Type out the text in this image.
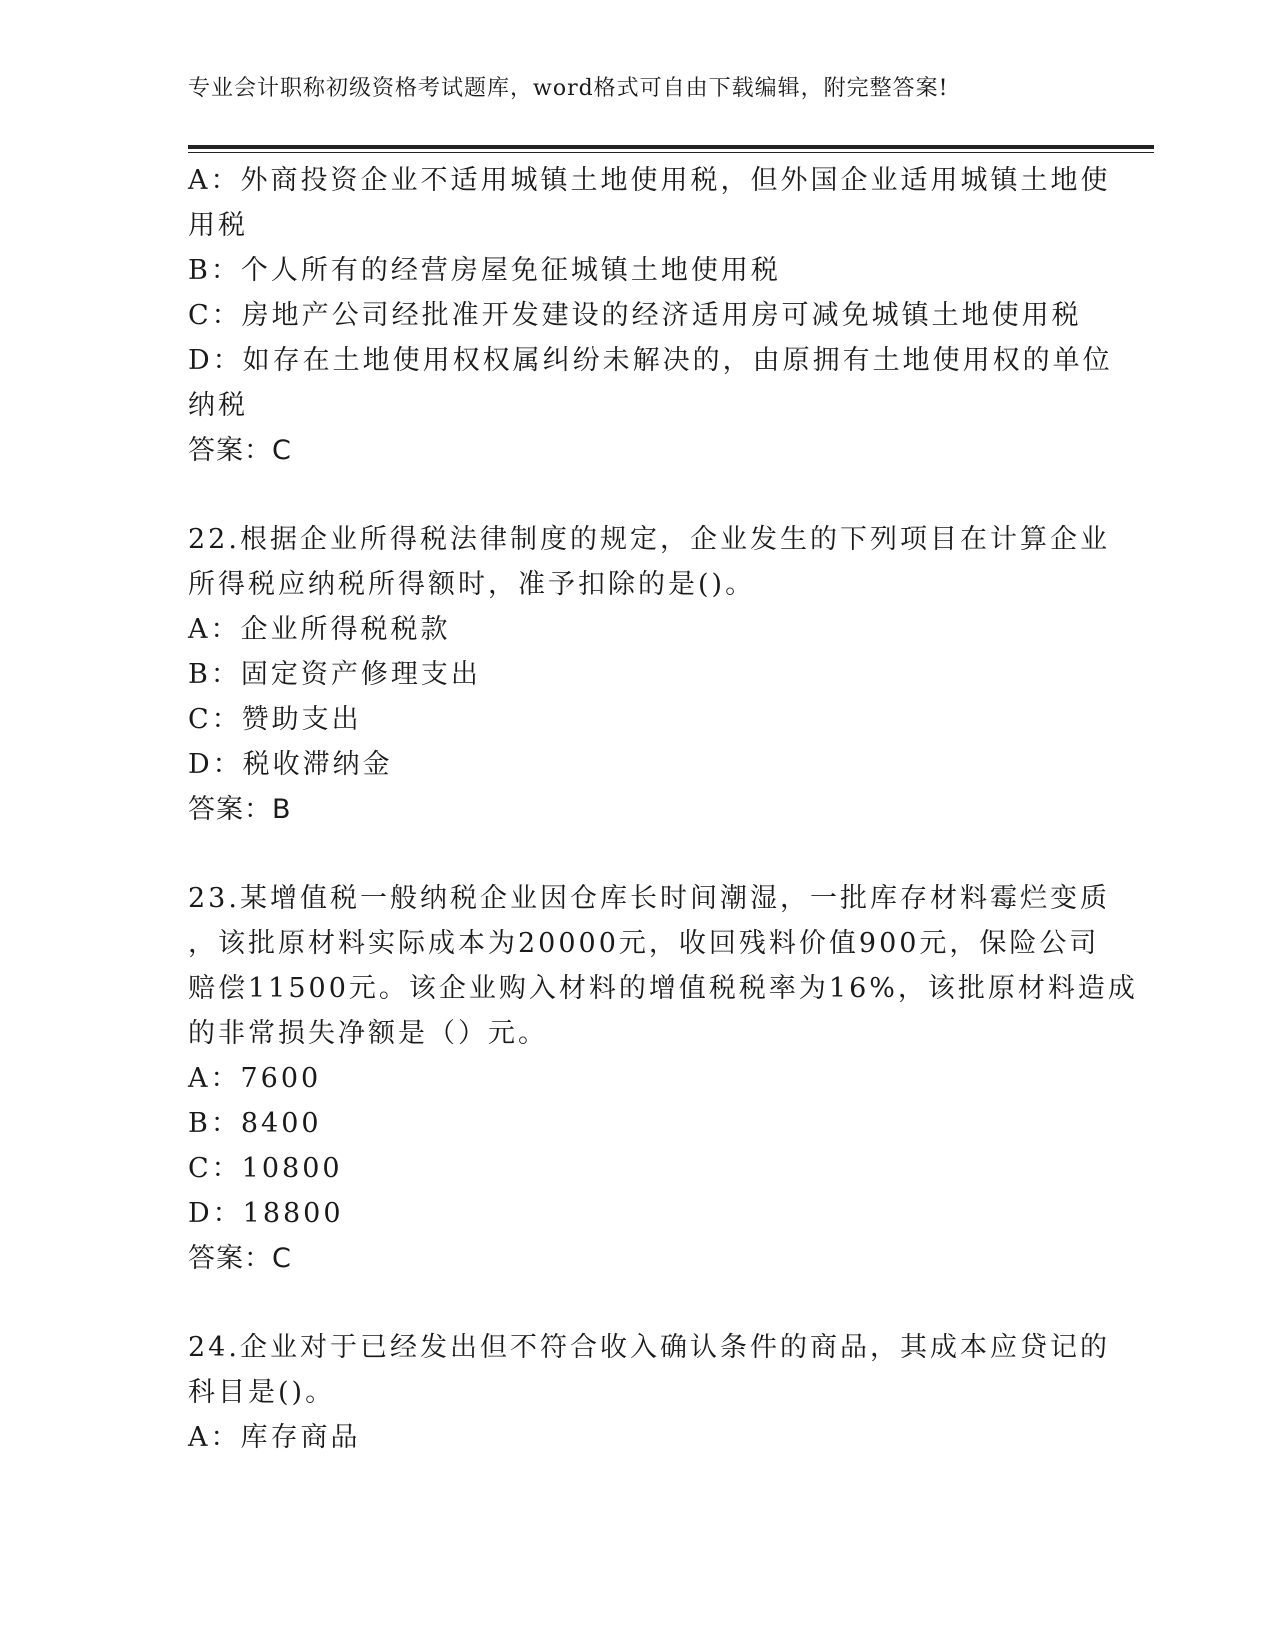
专业会计职称初级资格考试题库，word格式可自由下载编辑，附完整答案!

A：外商投资企业不适用城镇土地使用税，但外国企业适用城镇土地使

用税

B：个人所有的经营房屋免征城镇土地使用税

C：房地产公司经批准开发建设的经济适用房可减免城镇土地使用税

D：如存在土地使用权权属纠纷未解决的，由原拥有土地使用权的单位

纳税

答案：C

22.根据企业所得税法律制度的规定，企业发生的下列项目在计算企业

所得税应纳税所得额时，准予扣除的是()。

A：企业所得税税款

B：固定资产修理支出

C：赞助支出

D：税收滞纳金

答案：B

23.某增值税一般纳税企业因仓库长时间潮湿，一批库存材料霉烂变质

，该批原材料实际成本为20000元，收回残料价值900元，保险公司

赔偿11500元。该企业购入材料的增值税税率为16%，该批原材料造成

的非常损失净额是（）元。

A：7600

B：8400

C：10800

D：18800

答案：C

24.企业对于已经发出但不符合收入确认条件的商品，其成本应贷记的

科目是()。

A：库存商品
